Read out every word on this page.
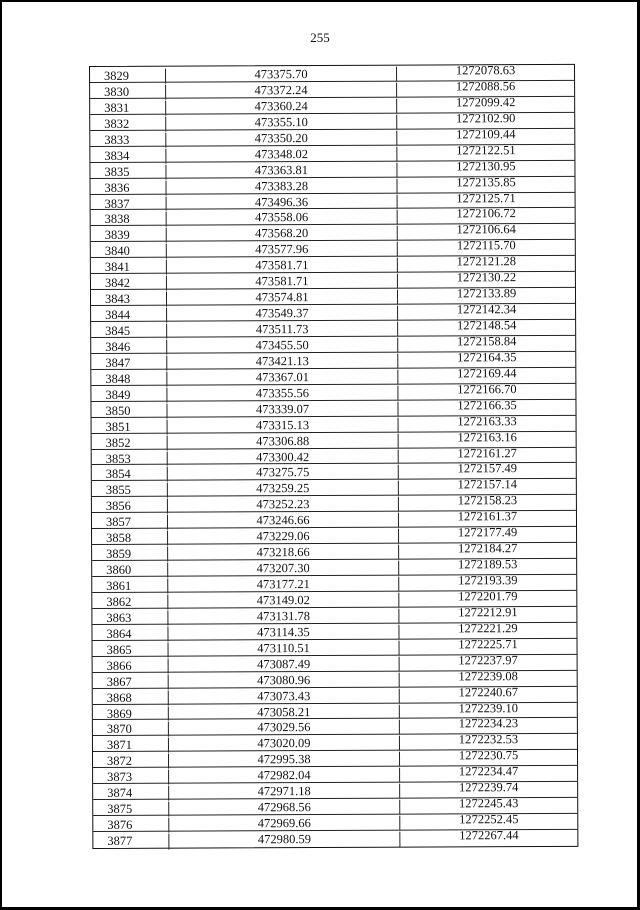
255
3829	473375.70	1272078.63
3830	473372.24	1272088.56
3831	473360.24	1272099.42
3832	473355.10	1272102.90
3833	473350.20	1272109.44
3834	473348.02	1272122.51
3835	473363.81	1272130.95
3836	473383.28	1272135.85
3837	473496.36	1272125.71
3838	473558.06	1272106.72
3839	473568.20	1272106.64
3840	473577.96	1272115.70
3841	473581.71	1272121.28
3842	473581.71	1272130.22
3843	473574.81	1272133.89
3844	473549.37	1272142.34
3845	473511.73	1272148.54
3846	473455.50	1272158.84
3847	473421.13	1272164.35
3848	473367.01	1272169.44
3849	473355.56	1272166.70
3850	473339.07	1272166.35
3851	473315.13	1272163.33
3852	473306.88	1272163.16
3853	473300.42	1272161.27
3854	473275.75	1272157.49
3855	473259.25	1272157.14
3856	473252.23	1272158.23
3857	473246.66	1272161.37
3858	473229.06	1272177.49
3859	473218.66	1272184.27
3860	473207.30	1272189.53
3861	473177.21	1272193.39
3862	473149.02	1272201.79
3863	473131.78	1272212.91
3864	473114.35	1272221.29
3865	473110.51	1272225.71
3866	473087.49	1272237.97
3867	473080.96	1272239.08
3868	473073.43	1272240.67
3869	473058.21	1272239.10
3870	473029.56	1272234.23
3871	473020.09	1272232.53
3872	472995.38	1272230.75
3873	472982.04	1272234.47
3874	472971.18	1272239.74
3875	472968.56	1272245.43
3876	472969.66	1272252.45
3877	472980.59	1272267.44
